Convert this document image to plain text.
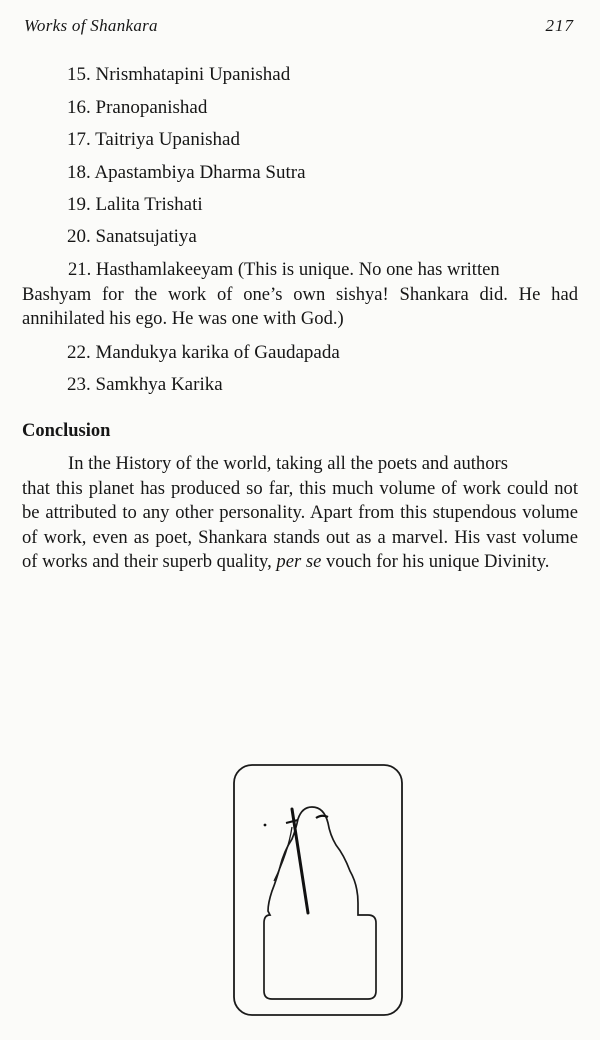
Works of Shankara	217
15. Nrismhatapini Upanishad
16. Pranopanishad
17. Taitriya Upanishad
18. Apastambiya Dharma Sutra
19. Lalita Trishati
20. Sanatsujatiya
21. Hasthamlakeeyam (This is unique. No one has written
Bashyam for the work of one’s own sishya! Shankara did. He had annihilated his ego. He was one with God.)
22. Mandukya karika of Gaudapada
23. Samkhya Karika
Conclusion
In the History of the world, taking all the poets and authors
that this planet has produced so far, this much volume of work could not be attributed to any other personality. Apart from this stupendous volume of work, even as poet, Shankara stands out as a marvel. His vast volume of works and their superb quality, per se vouch for his unique Divinity.
